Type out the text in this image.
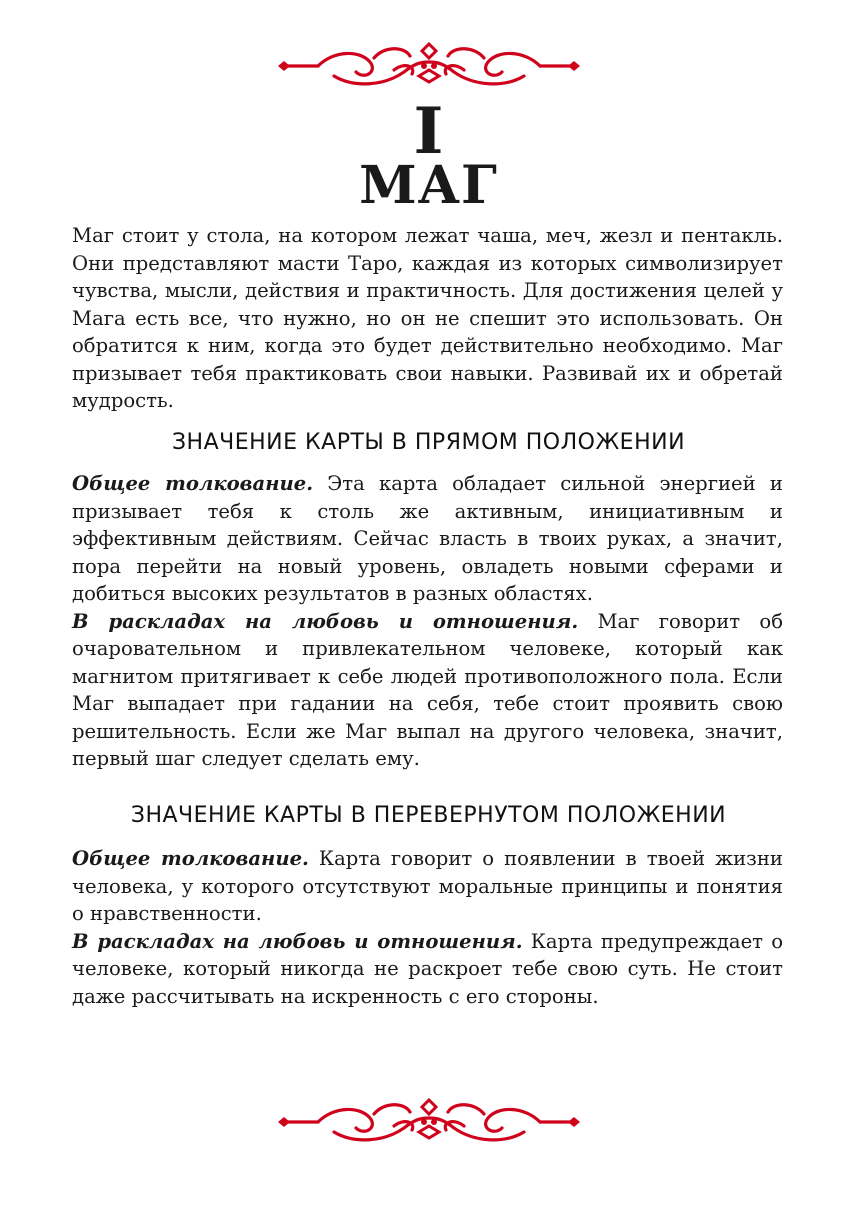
I
МАГ

Маг стоит у стола, на котором лежат чаша, меч, жезл и пентакль. Они представляют масти Таро, каждая из которых символизирует чувства, мысли, действия и практичность. Для достижения целей у Мага есть все, что нужно, но он не спешит это использовать. Он обратится к ним, когда это будет действительно необходимо. Маг призывает тебя практиковать свои навыки. Развивай их и обретай мудрость.

ЗНАЧЕНИЕ КАРТЫ В ПРЯМОМ ПОЛОЖЕНИИ

Общее толкование. Эта карта обладает сильной энергией и призывает тебя к столь же активным, инициативным и эффективным действиям. Сейчас власть в твоих руках, а значит, пора перейти на новый уровень, овладеть новыми сферами и добиться высоких результатов в разных областях.

В раскладах на любовь и отношения. Маг говорит об очаровательном и привлекательном человеке, который как магнитом притягивает к себе людей противоположного пола. Если Маг выпадает при гадании на себя, тебе стоит проявить свою решительность. Если же Маг выпал на другого человека, значит, первый шаг следует сделать ему.

ЗНАЧЕНИЕ КАРТЫ В ПЕРЕВЕРНУТОМ ПОЛОЖЕНИИ

Общее толкование. Карта говорит о появлении в твоей жизни человека, у которого отсутствуют моральные принципы и понятия о нравственности.

В раскладах на любовь и отношения. Карта предупреждает о человеке, который никогда не раскроет тебе свою суть. Не стоит даже рассчитывать на искренность с его стороны.
